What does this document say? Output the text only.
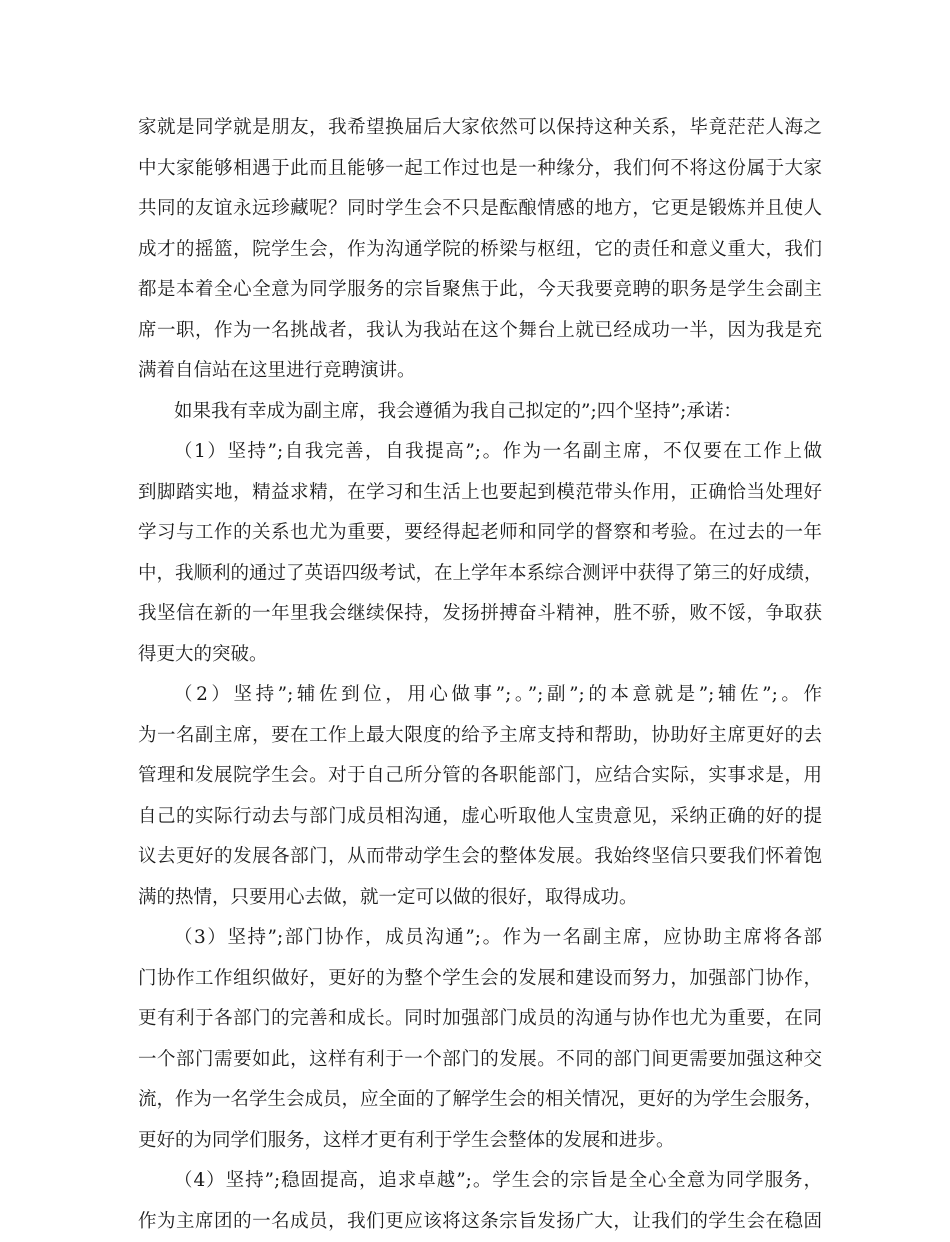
家就是同学就是朋友，我希望换届后大家依然可以保持这种关系，毕竟茫茫人海之
中大家能够相遇于此而且能够一起工作过也是一种缘分，我们何不将这份属于大家
共同的友谊永远珍藏呢？同时学生会不只是酝酿情感的地方，它更是锻炼并且使人
成才的摇篮，院学生会，作为沟通学院的桥梁与枢纽，它的责任和意义重大，我们
都是本着全心全意为同学服务的宗旨聚焦于此，今天我要竞聘的职务是学生会副主
席一职，作为一名挑战者，我认为我站在这个舞台上就已经成功一半，因为我是充
满着自信站在这里进行竞聘演讲。
如果我有幸成为副主席，我会遵循为我自己拟定的”;四个坚持”;承诺：
（1）坚持”;自我完善，自我提高”;。作为一名副主席，不仅要在工作上做
到脚踏实地，精益求精，在学习和生活上也要起到模范带头作用，正确恰当处理好
学习与工作的关系也尤为重要，要经得起老师和同学的督察和考验。在过去的一年
中，我顺利的通过了英语四级考试，在上学年本系综合测评中获得了第三的好成绩，
我坚信在新的一年里我会继续保持，发扬拼搏奋斗精神，胜不骄，败不馁，争取获
得更大的突破。
（2）坚持”;辅佐到位，用心做事”;。”;副”;的本意就是”;辅佐”;。作
为一名副主席，要在工作上最大限度的给予主席支持和帮助，协助好主席更好的去
管理和发展院学生会。对于自己所分管的各职能部门，应结合实际，实事求是，用
自己的实际行动去与部门成员相沟通，虚心听取他人宝贵意见，采纳正确的好的提
议去更好的发展各部门，从而带动学生会的整体发展。我始终坚信只要我们怀着饱
满的热情，只要用心去做，就一定可以做的很好，取得成功。
（3）坚持”;部门协作，成员沟通”;。作为一名副主席，应协助主席将各部
门协作工作组织做好，更好的为整个学生会的发展和建设而努力，加强部门协作，
更有利于各部门的完善和成长。同时加强部门成员的沟通与协作也尤为重要，在同
一个部门需要如此，这样有利于一个部门的发展。不同的部门间更需要加强这种交
流，作为一名学生会成员，应全面的了解学生会的相关情况，更好的为学生会服务，
更好的为同学们服务，这样才更有利于学生会整体的发展和进步。
（4）坚持”;稳固提高，追求卓越”;。学生会的宗旨是全心全意为同学服务，
作为主席团的一名成员，我们更应该将这条宗旨发扬广大，让我们的学生会在稳固
